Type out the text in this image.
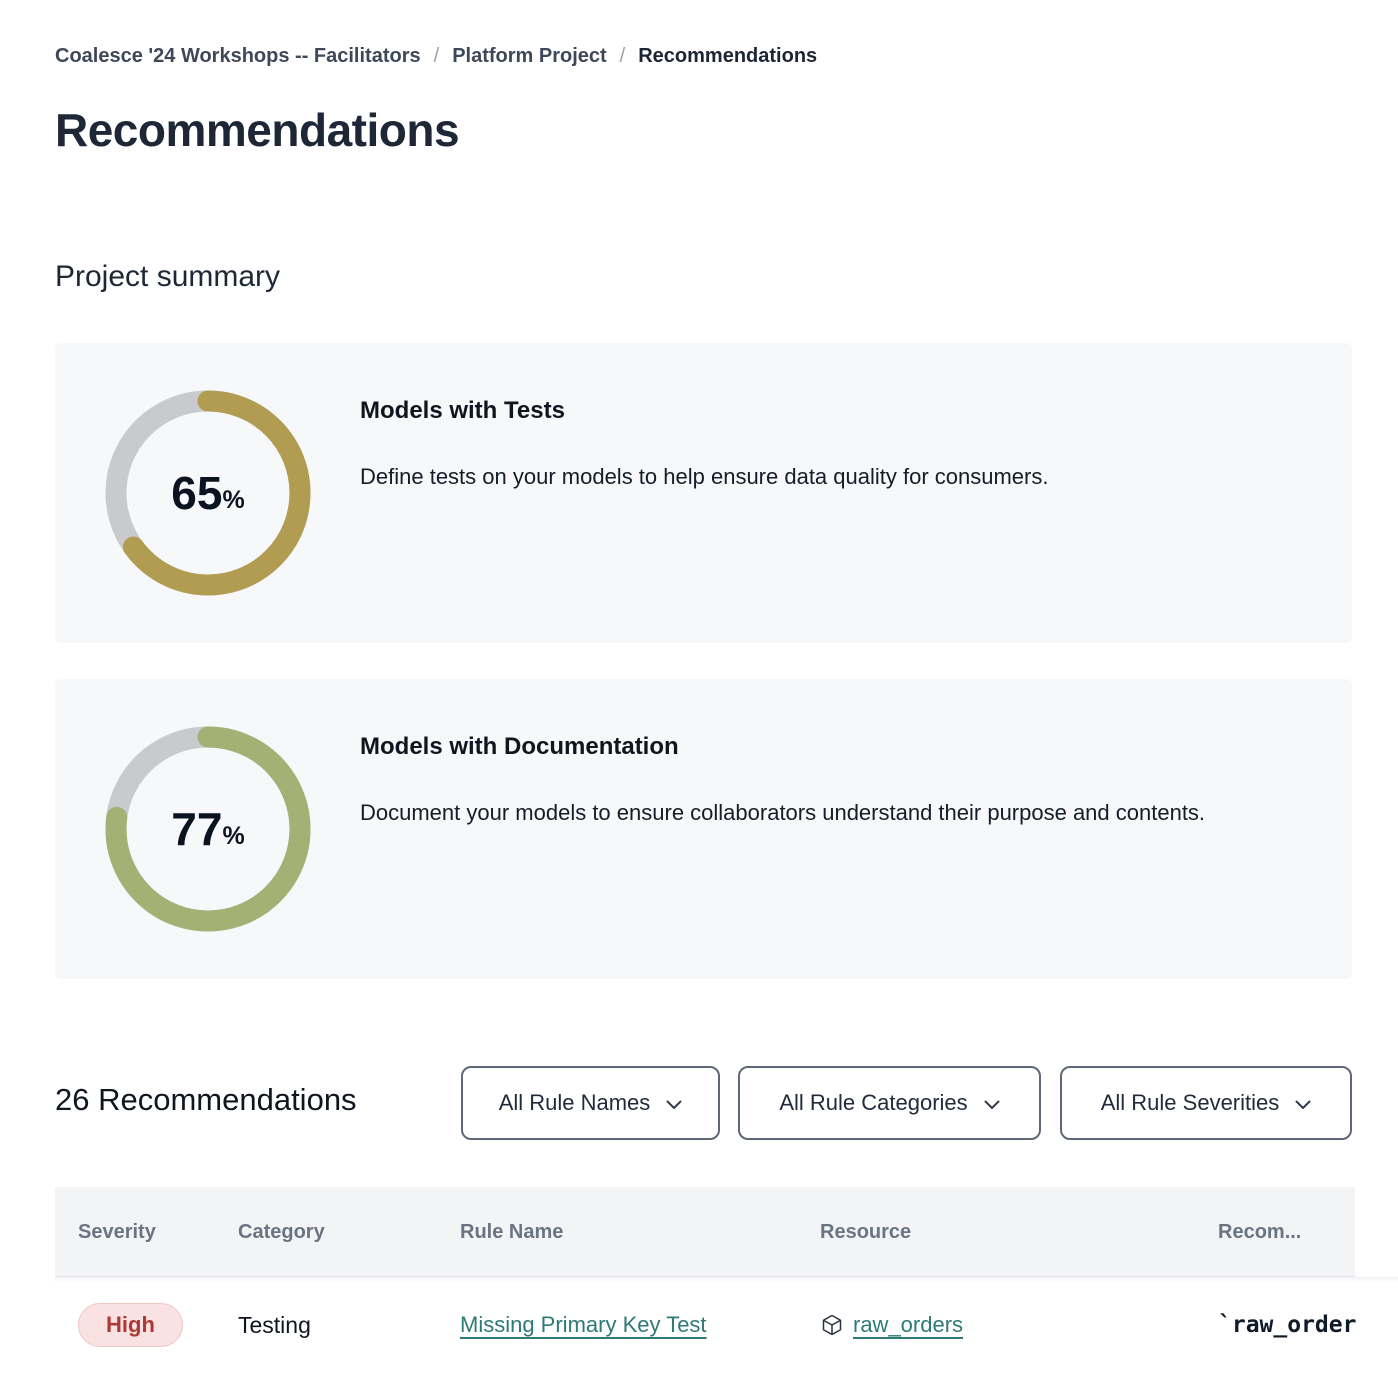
Coalesce '24 Workshops -- Facilitators / Platform Project / Recommendations
Recommendations
Project summary
65 %
Models with Tests

Define tests on your models to help ensure data quality for consumers.

77 %
Models with Documentation

Document your models to ensure collaborators understand their purpose and contents.

26 Recommendations	All Rule Names	All Rule Categories	All Rule Severities
Severity	Category	Rule Name	Resource	Recom...
High	Testing	Missing Primary Key Test	raw_orders	`raw_order
